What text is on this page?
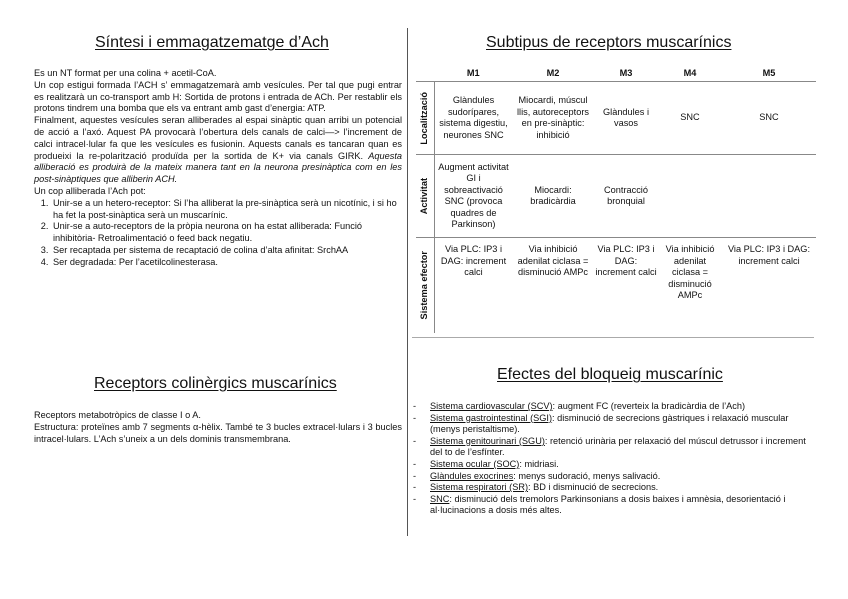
Síntesi i emmagatzematge d’Ach

Es un NT format per una colina + acetil-CoA.

Un cop estigui formada l’ACH s’ emmagatzemarà amb vesícules. Per tal que pugi entrar es realitzarà un co-transport amb H: Sortida de protons i entrada de ACh. Per restablir els protons tindrem una bomba que els va entrant amb gast d’energia: ATP.

Finalment, aquestes vesícules seran alliberades al espai sinàptic quan arribi un potencial de acció a l’axó. Aquest PA provocarà l’obertura dels canals de calci—> l’increment de calci intracel·lular fa que les vesícules es fusionin. Aquests canals es tancaran quan es produeixi la re-polarització produïda per la sortida de K+ via canals GIRK. Aquesta alliberació es produirà de la mateix manera tant en la neurona presinàptica com en les post-sinàptiques que alliberin ACH.

Un cop alliberada l’Ach pot:

1. Unir-se a un hetero-receptor: Si l’ha alliberat la pre-sinàptica serà un nicotínic, i si ho ha fet la post-sinàptica serà un muscarínic.
2. Unir-se a auto-receptors de la pròpia neurona on ha estat alliberada: Funció inhibitòria- Retroalimentació o feed back negatiu.
3. Ser recaptada per sistema de recaptació de colina d’alta afinitat: SrchAA
4. Ser degradada: Per l’acetilcolinesterasa.
Receptors colinèrgics muscarínics

Receptors metabotròpics de classe I o A.

Estructura: proteïnes amb 7 segments α-hèlix. També te 3 bucles extracel·lulars i 3 bucles intracel·lulars. L’Ach s’uneix a un dels dominis transmembrana.

Subtipus de receptors muscarínics
	M1	M2	M3	M4	M5

Localització	Glàndules sudorípares, sistema digestiu, neurones SNC	Miocardi, múscul llis, autoreceptors en pre-sinàptic: inhibició	Glàndules i vasos	SNC	SNC

Activitat	Augment activitat GI i sobreactivació SNC (provoca quadres de Parkinson)	Miocardi: bradicàrdia	Contracció bronquial		

Sistema efector	Via PLC: IP3 i DAG: increment calci	Via inhibició adenilat ciclasa = disminució AMPc	Via PLC: IP3 i DAG: increment calci	Via inhibició adenilat ciclasa = disminució AMPc	Via PLC: IP3 i DAG: increment calci
Efectes del bloqueig muscarínic
- Sistema cardiovascular (SCV): augment FC (reverteix la bradicàrdia de l’Ach)
- Sistema gastrointestinal (SGI): disminució de secrecions gàstriques i relaxació muscular (menys peristaltisme).
- Sistema genitourinari (SGU): retenció urinària per relaxació del múscul detrussor i increment del to de l’esfínter.
- Sistema ocular (SOC): midriasi.
- Glàndules exocrines: menys sudoració, menys salivació.
- Sistema respiratori (SR): BD i disminució de secrecions.
- SNC: disminució dels tremolors Parkinsonians a dosis baixes i amnèsia, desorientació i al·lucinacions a dosis més altes.
